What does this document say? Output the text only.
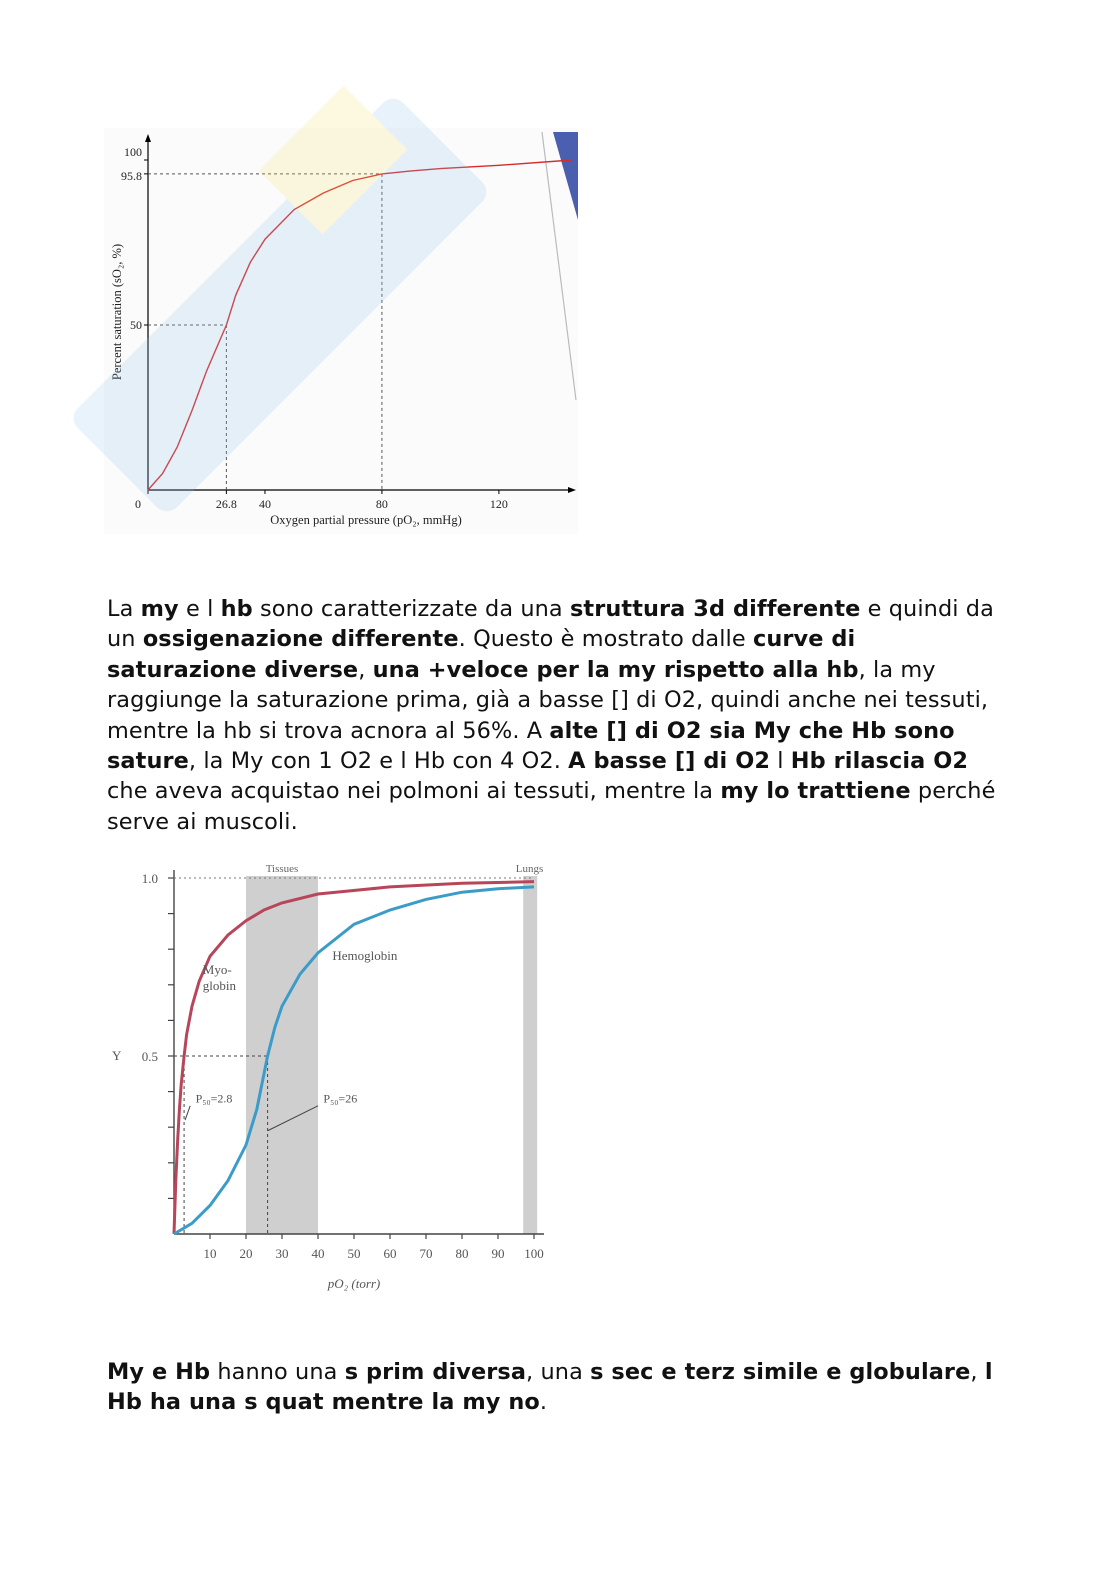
0	26.8 40	80	120
50
95.8
100
Oxygen partial pressure (pO₂, mmHg)
Percent saturation (sO₂, %)
La my e l hb sono caratterizzate da una struttura 3d differente e quindi da un ossigenazione differente. Questo è mostrato dalle curve di saturazione diverse, una +veloce per la my rispetto alla hb, la my raggiunge la saturazione prima, già a basse [] di O2, quindi anche nei tessuti, mentre la hb si trova acnora al 56%. A alte [] di O2 sia My che Hb sono sature, la My con 1 O2 e l Hb con 4 O2. A basse [] di O2 l Hb rilascia O2 che aveva acquistao nei polmoni ai tessuti, mentre la my lo trattiene perché serve ai muscoli.
Tissues	Lungs
10 20 30 40 50 60 70 80 90 100
0.5
1.0
P₅₀=2.8	P₅₀=26
Myo-
globin
Hemoglobin
Y
pO₂ (torr)
My e Hb hanno una s prim diversa, una s sec e terz simile e globulare, l Hb ha una s quat mentre la my no.
